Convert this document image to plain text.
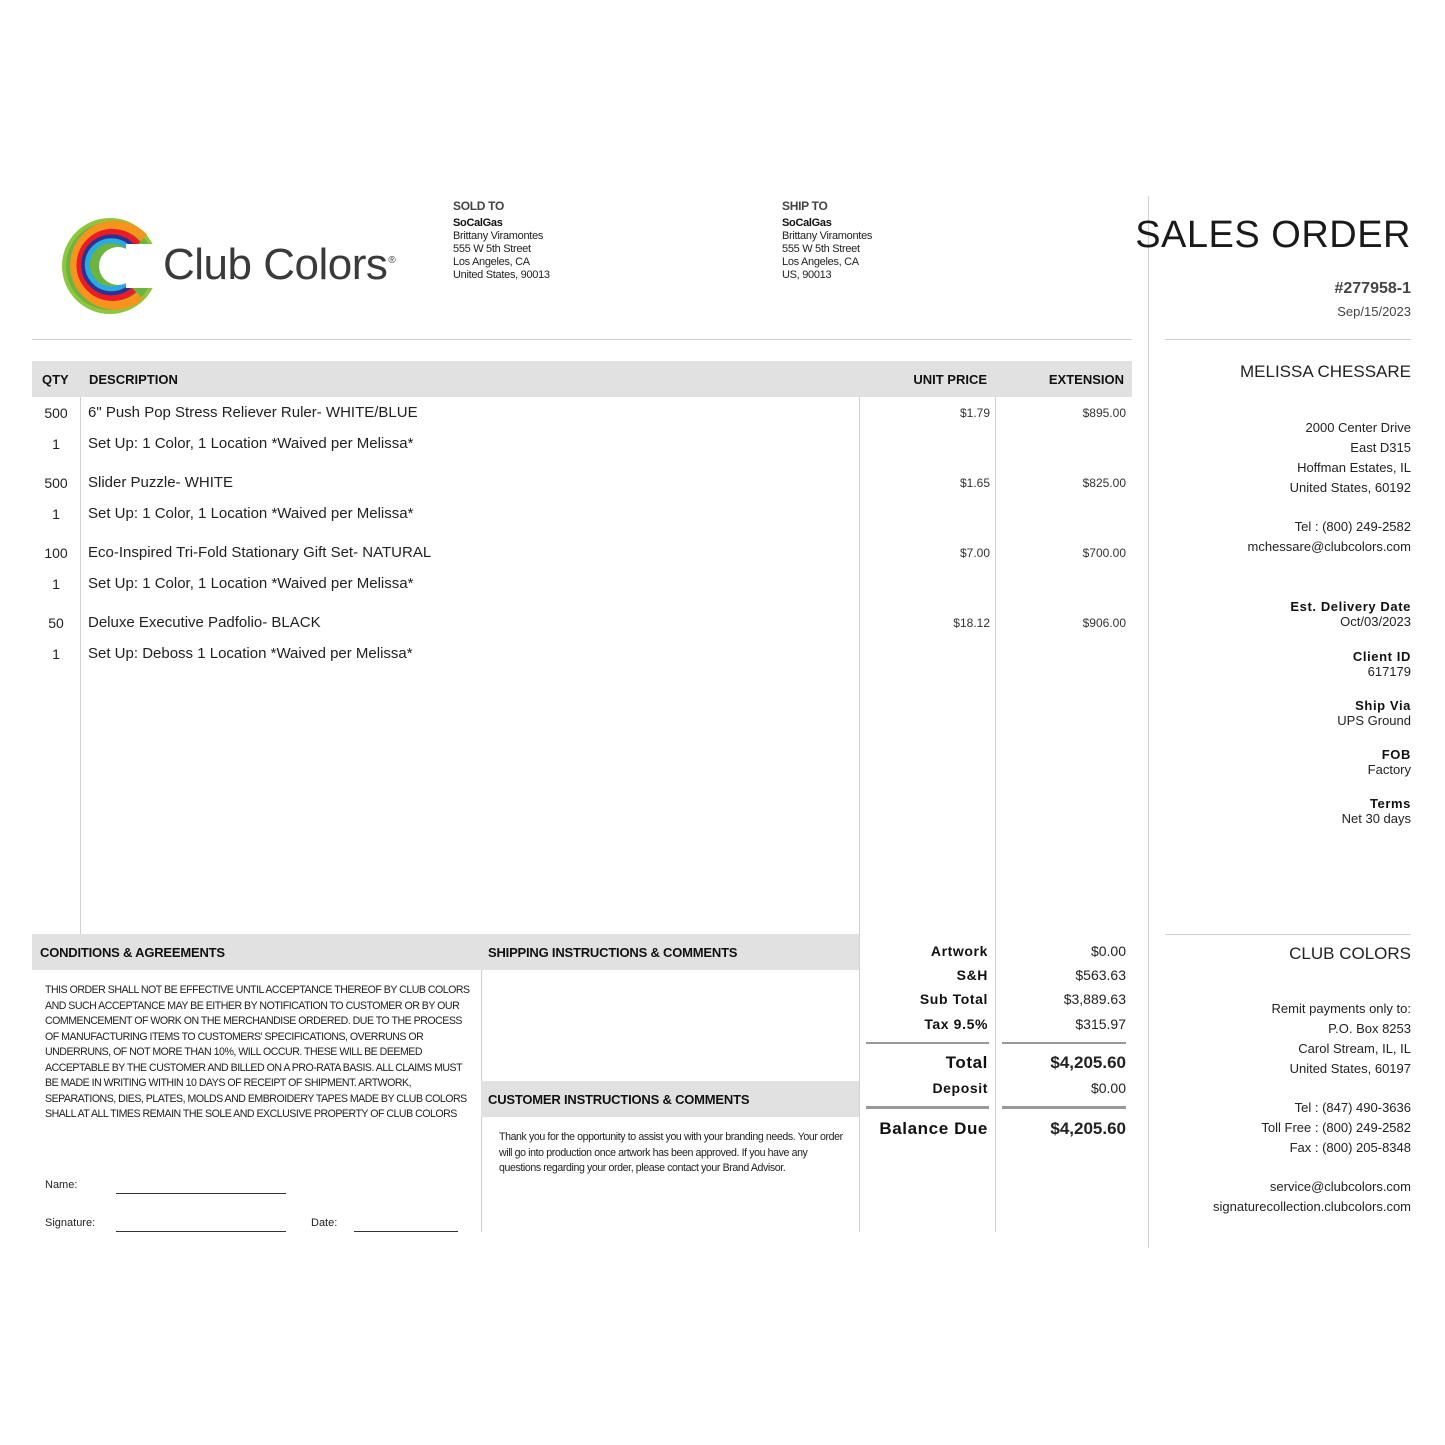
Club Colors®
SOLD TO
SoCalGas
Brittany Viramontes
555 W 5th Street
Los Angeles, CA
United States, 90013
SHIP TO
SoCalGas
Brittany Viramontes
555 W 5th Street
Los Angeles, CA
US, 90013
QTY DESCRIPTION	UNIT PRICE	EXTENSION
500	6" Push Pop Stress Reliever Ruler- WHITE/BLUE	$1.79	$895.00
1	Set Up: 1 Color, 1 Location *Waived per Melissa*
500	Slider Puzzle- WHITE	$1.65	$825.00
1	Set Up: 1 Color, 1 Location *Waived per Melissa*
100	Eco-Inspired Tri-Fold Stationary Gift Set- NATURAL	$7.00	$700.00
1	Set Up: 1 Color, 1 Location *Waived per Melissa*
50	Deluxe Executive Padfolio- BLACK	$18.12	$906.00
1	Set Up: Deboss 1 Location *Waived per Melissa*
CONDITIONS & AGREEMENTS	SHIPPING INSTRUCTIONS & COMMENTS
THIS ORDER SHALL NOT BE EFFECTIVE UNTIL ACCEPTANCE THEREOF BY CLUB COLORS AND SUCH ACCEPTANCE MAY BE EITHER BY NOTIFICATION TO CUSTOMER OR BY OUR COMMENCEMENT OF WORK ON THE MERCHANDISE ORDERED. DUE TO THE PROCESS OF MANUFACTURING ITEMS TO CUSTOMERS' SPECIFICATIONS, OVERRUNS OR UNDERRUNS, OF NOT MORE THAN 10%, WILL OCCUR. THESE WILL BE DEEMED ACCEPTABLE BY THE CUSTOMER AND BILLED ON A PRO-RATA BASIS. ALL CLAIMS MUST BE MADE IN WRITING WITHIN 10 DAYS OF RECEIPT OF SHIPMENT. ARTWORK, SEPARATIONS, DIES, PLATES, MOLDS AND EMBROIDERY TAPES MADE BY CLUB COLORS SHALL AT ALL TIMES REMAIN THE SOLE AND EXCLUSIVE PROPERTY OF CLUB COLORS
CUSTOMER INSTRUCTIONS & COMMENTS
Thank you for the opportunity to assist you with your branding needs. Your order will go into production once artwork has been approved. If you have any questions regarding your order, please contact your Brand Advisor.
Name:
Signature:	Date:
Artwork	$0.00
S&H	$563.63
Sub Total	$3,889.63
Tax 9.5%	$315.97
Total	$4,205.60
Deposit	$0.00
Balance Due	$4,205.60
SALES ORDER
#277958-1
Sep/15/2023
MELISSA CHESSARE
2000 Center Drive
East D315
Hoffman Estates, IL
United States, 60192
Tel : (800) 249-2582
mchessare@clubcolors.com
Est. Delivery Date
Oct/03/2023
Client ID
617179
Ship Via
UPS Ground
FOB
Factory
Terms
Net 30 days
CLUB COLORS
Remit payments only to:
P.O. Box 8253
Carol Stream, IL, IL
United States, 60197
Tel : (847) 490-3636
Toll Free : (800) 249-2582
Fax : (800) 205-8348
service@clubcolors.com
signaturecollection.clubcolors.com
